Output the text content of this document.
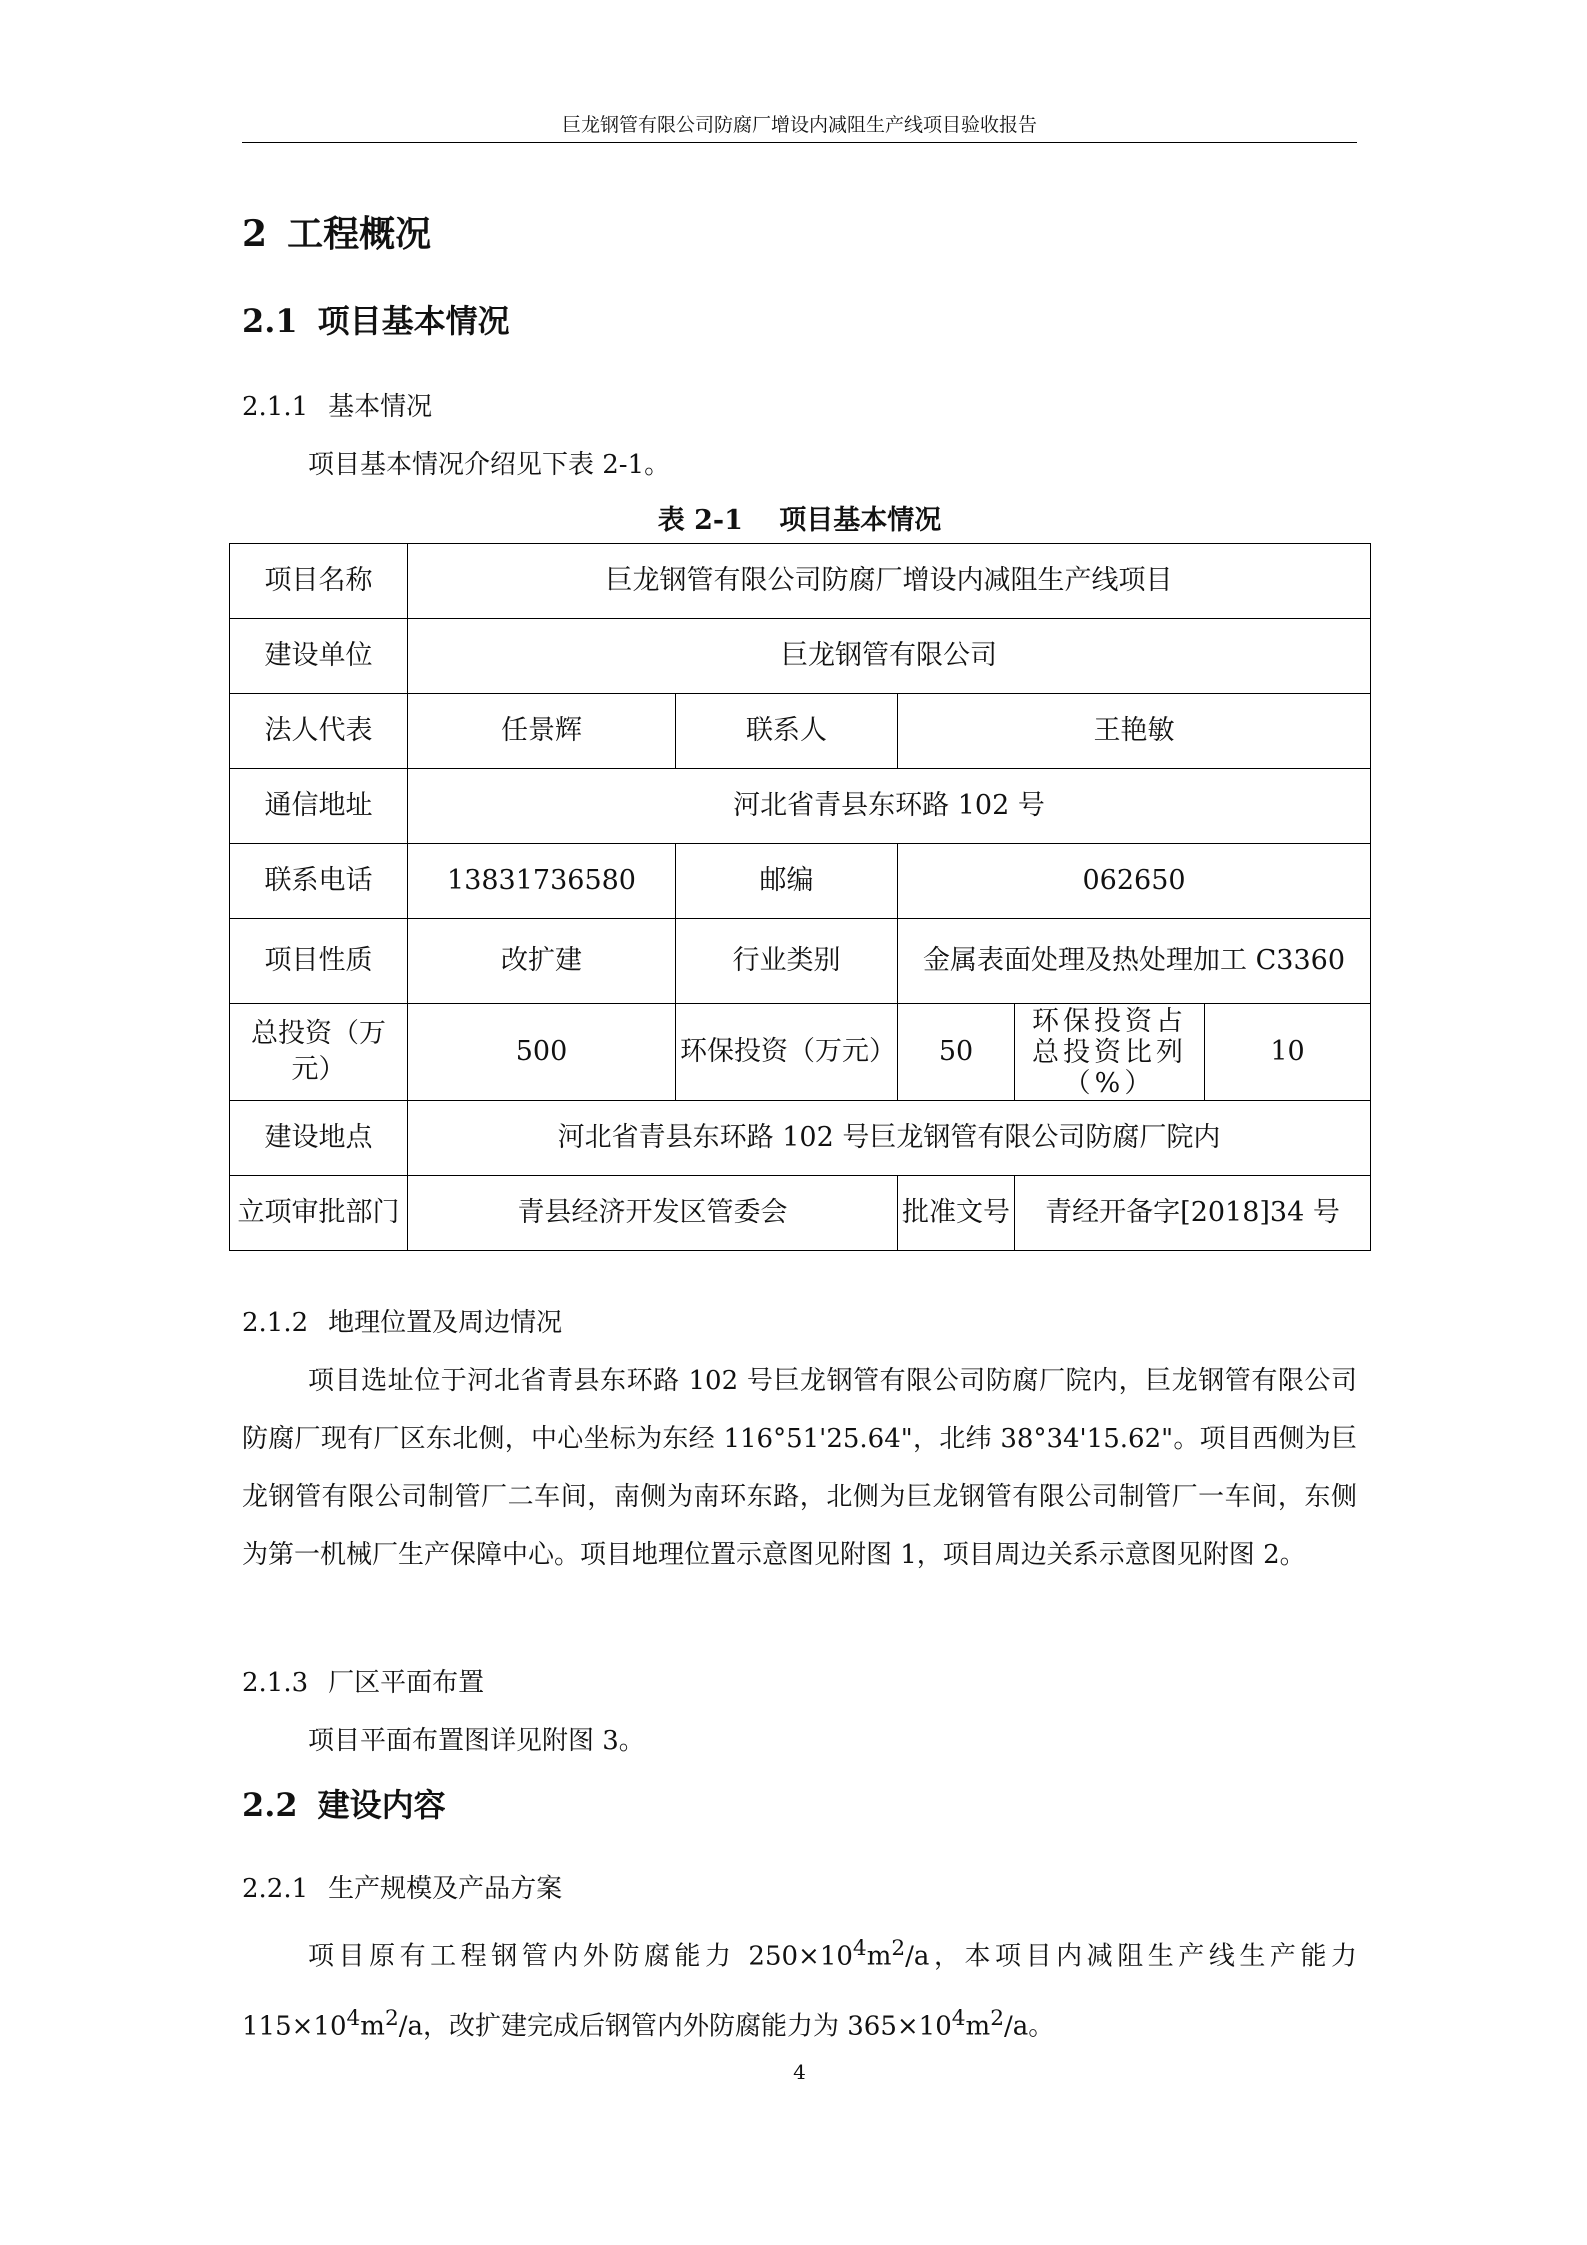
巨龙钢管有限公司防腐厂增设内减阻生产线项目验收报告
2 工程概况
2.1 项目基本情况
2.1.1 基本情况
项目基本情况介绍见下表 2-1。
表 2-1　 项目基本情况
项目名称	巨龙钢管有限公司防腐厂增设内减阻生产线项目				
建设单位	巨龙钢管有限公司				
法人代表	任景辉	联系人	王艳敏		
通信地址	河北省青县东环路 102 号				
联系电话	13831736580	邮编	062650		
项目性质	改扩建	行业类别	金属表面处理及热处理加工 C3360		
总投资（万元）	500	环保投资（万元）	50	环保投资占总投资比列（%）	10
建设地点	河北省青县东环路 102 号巨龙钢管有限公司防腐厂院内				
立项审批部门	青县经济开发区管委会		批准文号	青经开备字[2018]34 号	
2.1.2 地理位置及周边情况
项目选址位于河北省青县东环路 102 号巨龙钢管有限公司防腐厂院内，巨龙钢管有限公司防腐厂现有厂区东北侧，中心坐标为东经 116°51'25.64"，北纬 38°34'15.62"。项目西侧为巨龙钢管有限公司制管厂二车间，南侧为南环东路，北侧为巨龙钢管有限公司制管厂一车间，东侧为第一机械厂生产保障中心。项目地理位置示意图见附图 1，项目周边关系示意图见附图 2。
2.1.3 厂区平面布置
项目平面布置图详见附图 3。
2.2 建设内容
2.2.1 生产规模及产品方案
项目原有工程钢管内外防腐能力 $250\times 10^4m^2/a$，本项目内减阻生产线生产能力 $115\times 10^4m^2/a$，改扩建完成后钢管内外防腐能力为 $365\times 10^4m^2/a$。
4
